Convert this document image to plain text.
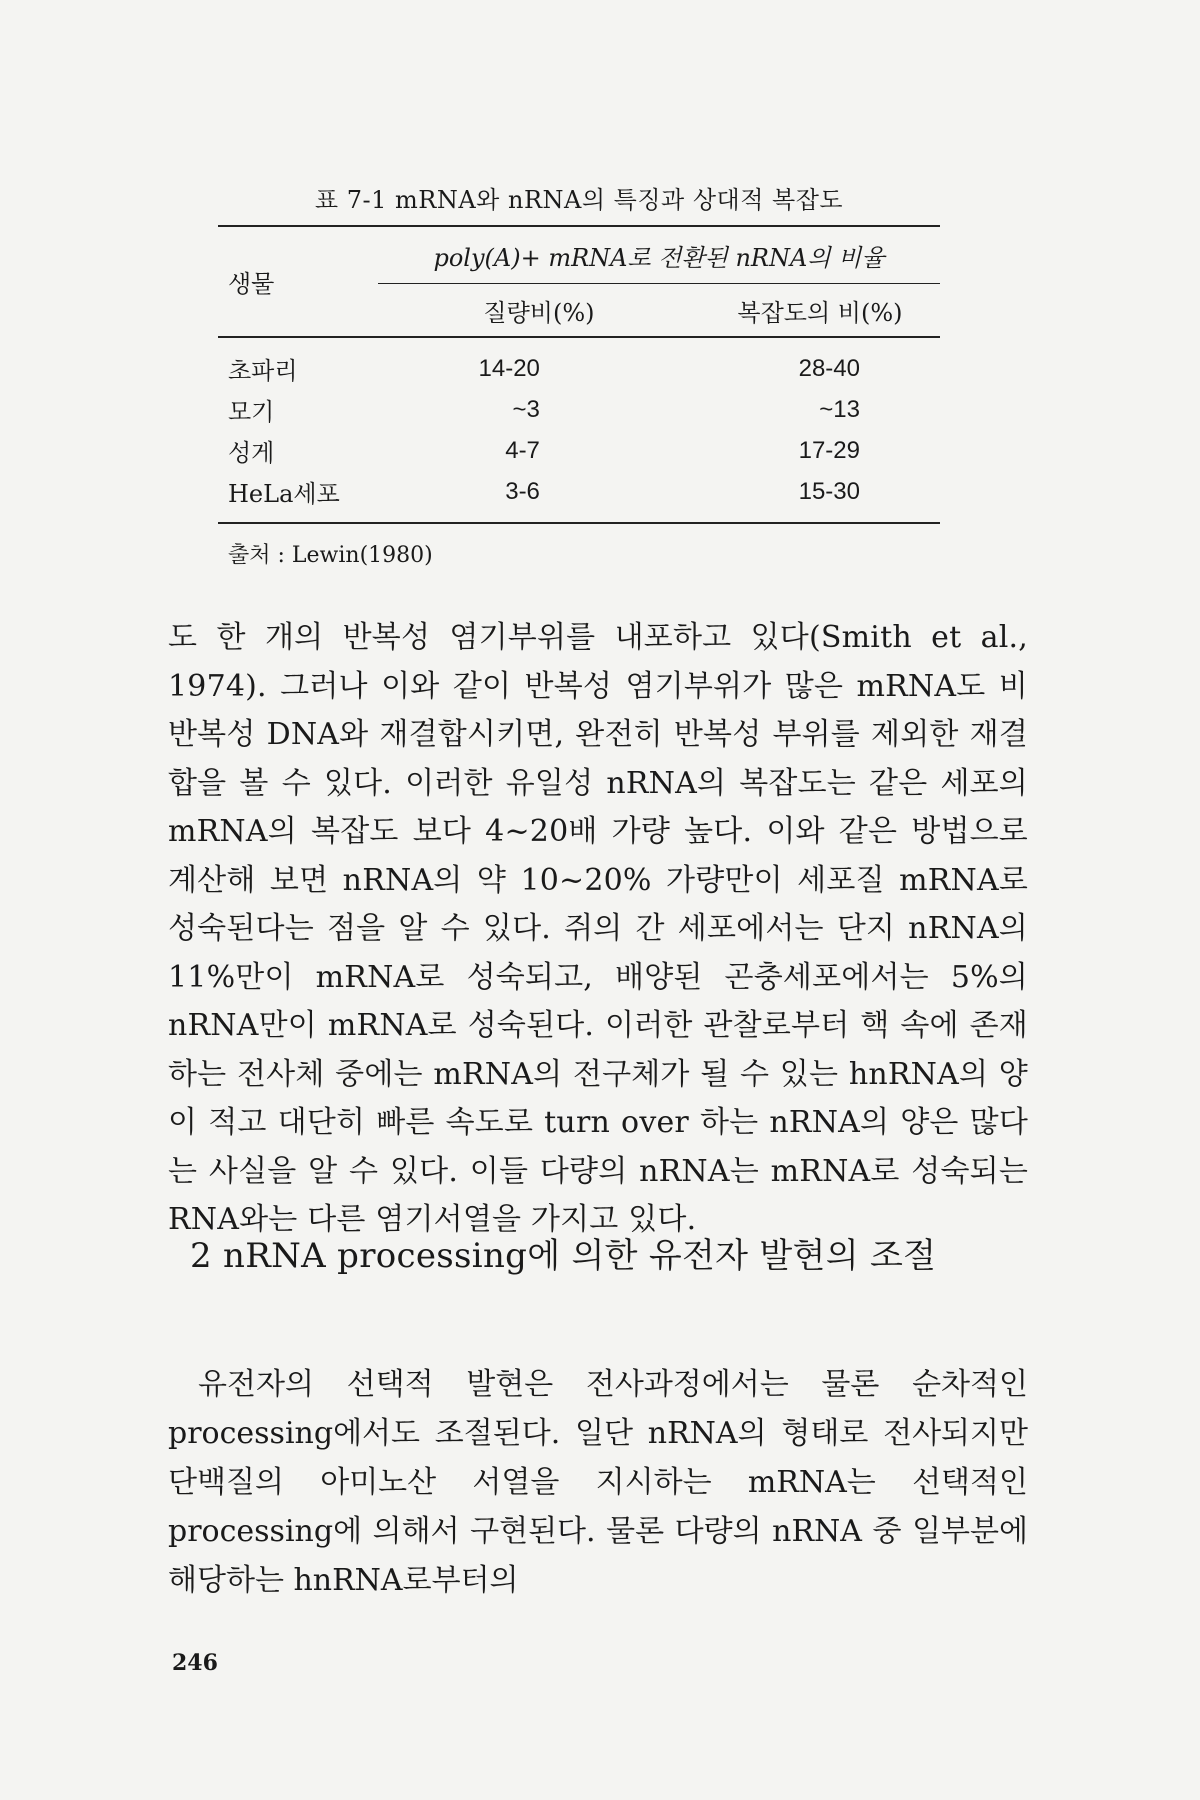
표 7-1 mRNA와 nRNA의 특징과 상대적 복잡도
생물	poly(A)+ mRNA로 전환된 nRNA의 비율	
	질량비(%)	복잡도의 비(%)
초파리	14-20	28-40
모기	~3	~13
성게	4-7	17-29
HeLa세포	3-6	15-30
출처 : Lewin(1980)

도 한 개의 반복성 염기부위를 내포하고 있다(Smith et al., 1974). 그러나 이와 같이 반복성 염기부위가 많은 mRNA도 비반복성 DNA와 재결합시키면, 완전히 반복성 부위를 제외한 재결합을 볼 수 있다. 이러한 유일성 nRNA의 복잡도는 같은 세포의 mRNA의 복잡도 보다 4~20배 가량 높다. 이와 같은 방법으로 계산해 보면 nRNA의 약 10~20% 가량만이 세포질 mRNA로 성숙된다는 점을 알 수 있다. 쥐의 간 세포에서는 단지 nRNA의 11%만이 mRNA로 성숙되고, 배양된 곤충세포에서는 5%의 nRNA만이 mRNA로 성숙된다. 이러한 관찰로부터 핵 속에 존재하는 전사체 중에는 mRNA의 전구체가 될 수 있는 hnRNA의 양이 적고 대단히 빠른 속도로 turn over 하는 nRNA의 양은 많다는 사실을 알 수 있다. 이들 다량의 nRNA는 mRNA로 성숙되는 RNA와는 다른 염기서열을 가지고 있다.

2 nRNA processing에 의한 유전자 발현의 조절

유전자의 선택적 발현은 전사과정에서는 물론 순차적인 processing에서도 조절된다. 일단 nRNA의 형태로 전사되지만 단백질의 아미노산 서열을 지시하는 mRNA는 선택적인 processing에 의해서 구현된다. 물론 다량의 nRNA 중 일부분에 해당하는 hnRNA로부터의

246
